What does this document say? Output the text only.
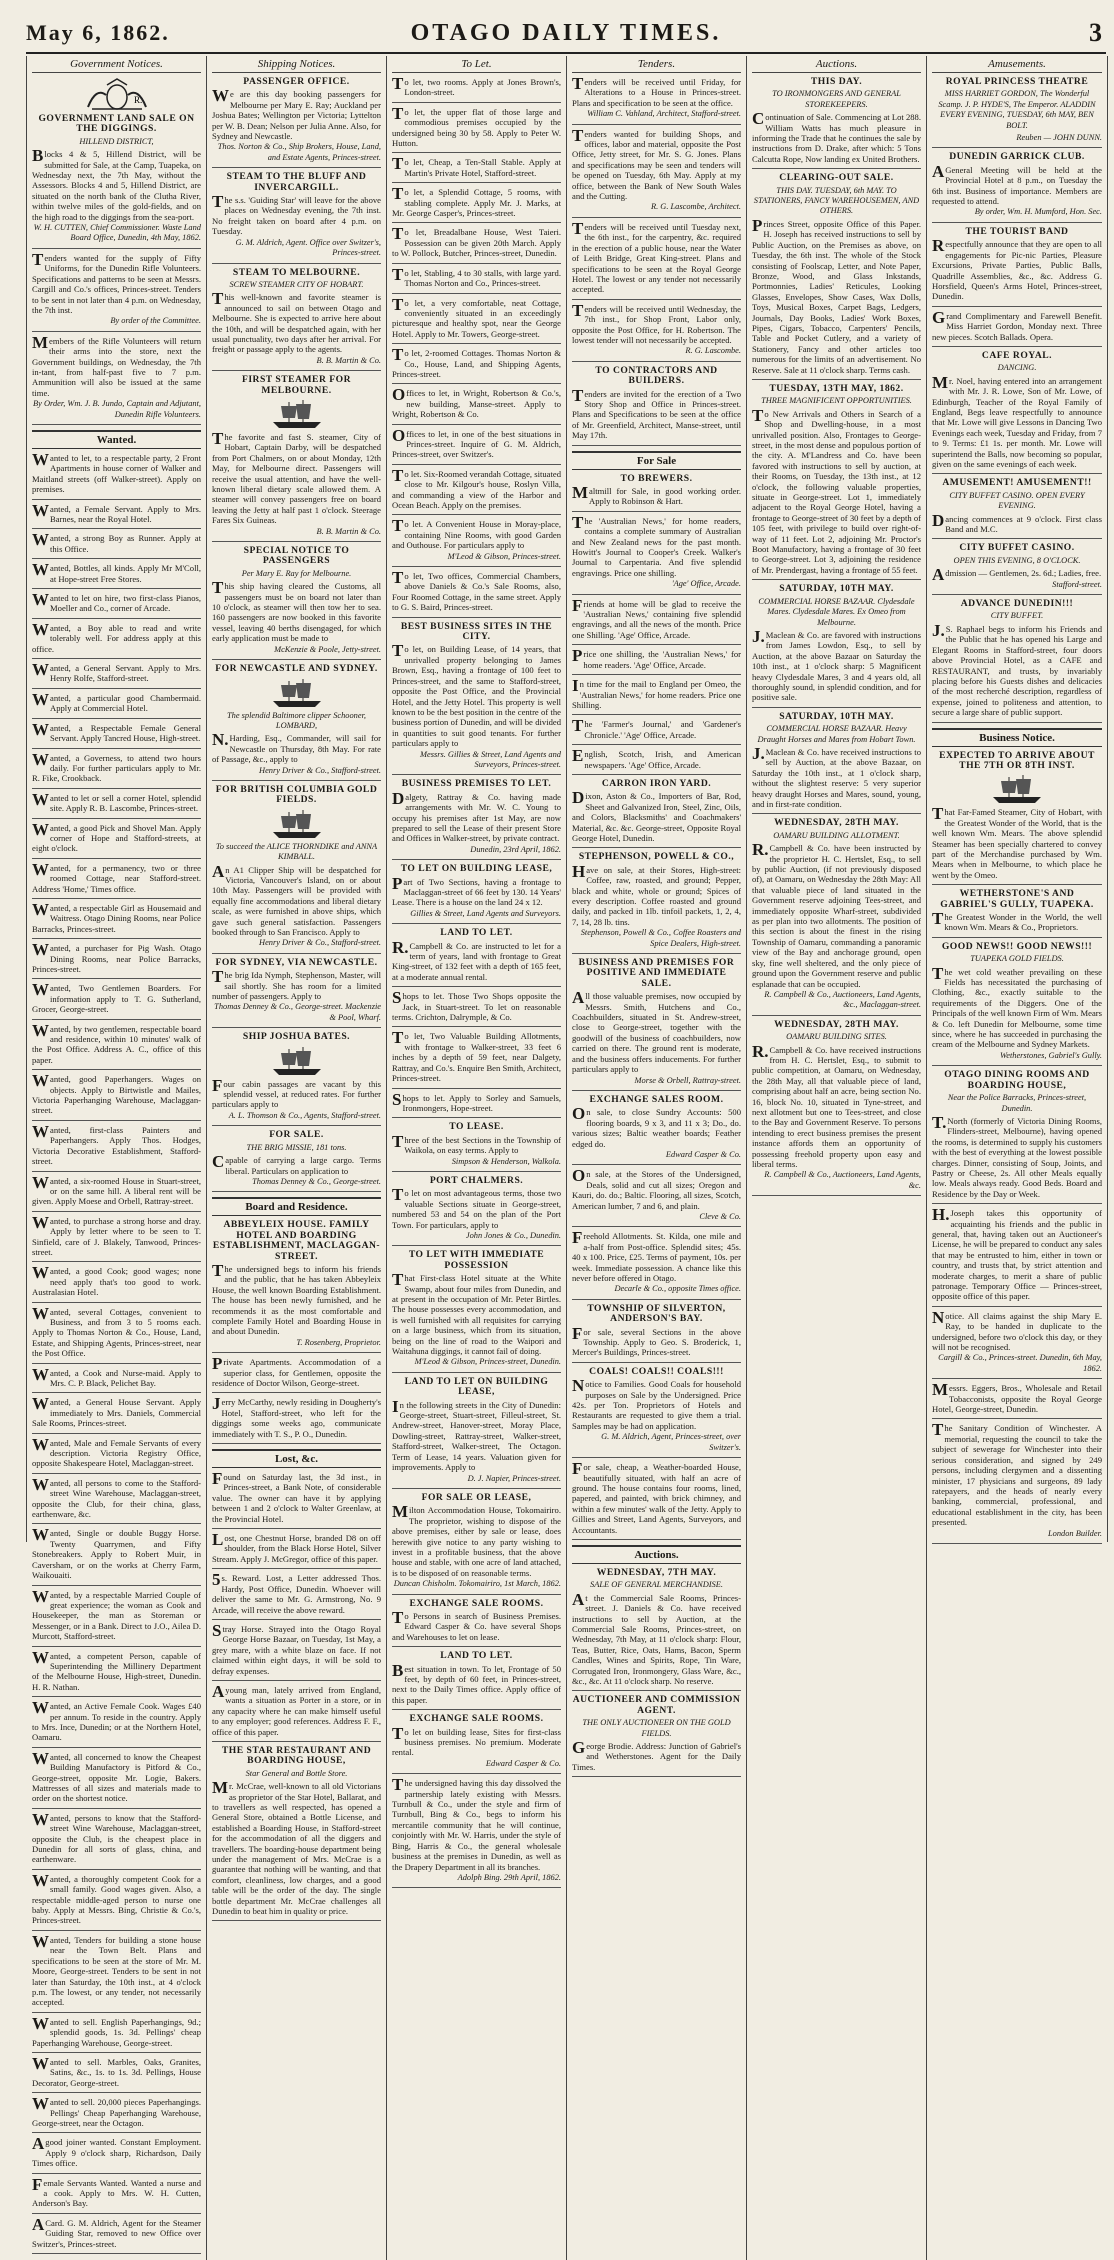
May 6, 1862.	OTAGO DAILY TIMES.	3
Government Notices.
R.
GOVERNMENT LAND SALE ON THE DIGGINGS.
HILLEND DISTRICT,
Blocks 4 & 5, Hillend District, will be submitted for Sale, at the Camp, Tuapeka, on Wednesday next, the 7th May, without the Assessors. Blocks 4 and 5, Hillend District, are situated on the north bank of the Clutha River, within twelve miles of the gold-fields, and on the high road to the diggings from the sea-port.
W. H. CUTTEN, Chief Commissioner. Waste Land Board Office, Dunedin, 4th May, 1862.
Tenders wanted for the supply of Fifty Uniforms, for the Dunedin Rifle Volunteers. Specifications and patterns to be seen at Messrs. Cargill and Co.'s offices, Princes-street. Tenders to be sent in not later than 4 p.m. on Wednesday, the 7th inst.
By order of the Committee.
Members of the Rifle Volunteers will return their arms into the store, next the Government buildings, on Wednesday, the 7th in-tant, from half-past five to 7 p.m. Ammunition will also be issued at the same time.
By Order, Wm. J. B. Jundo, Captain and Adjutant, Dunedin Rifle Volunteers.
Wanted.
Wanted to let, to a respectable party, 2 Front Apartments in house corner of Walker and Maitland streets (off Walker-street). Apply on premises.
Wanted, a Female Servant. Apply to Mrs. Barnes, near the Royal Hotel.
Wanted, a strong Boy as Runner. Apply at this Office.
Wanted, Bottles, all kinds. Apply Mr M'Coll, at Hope-street Free Stores.
Wanted to let on hire, two first-class Pianos, Moeller and Co., corner of Arcade.
Wanted, a Boy able to read and write tolerably well. For address apply at this office.
Wanted, a General Servant. Apply to Mrs. Henry Rolfe, Stafford-street.
Wanted, a particular good Chambermaid. Apply at Commercial Hotel.
Wanted, a Respectable Female General Servant. Apply Tancred House, High-street.
Wanted, a Governess, to attend two hours daily. For further particulars apply to Mr. R. Fike, Crookback.
Wanted to let or sell a corner Hotel, splendid site. Apply R. B. Lascombe, Princes-street.
Wanted, a good Pick and Shovel Man. Apply corner of Hope and Stafford-streets, at eight o'clock.
Wanted, for a permanency, two or three roomed Cottage, near Stafford-street. Address 'Home,' Times office.
Wanted, a respectable Girl as Housemaid and Waitress. Otago Dining Rooms, near Police Barracks, Princes-street.
Wanted, a purchaser for Pig Wash. Otago Dining Rooms, near Police Barracks, Princes-street.
Wanted, Two Gentlemen Boarders. For information apply to T. G. Sutherland, Grocer, George-street.
Wanted, by two gentlemen, respectable board and residence, within 10 minutes' walk of the Post Office. Address A. C., office of this paper.
Wanted, good Paperhangers. Wages on objects. Apply to Birtwistle and Mailes, Victoria Paperhanging Warehouse, Maclaggan-street.
Wanted, first-class Painters and Paperhangers. Apply Thos. Hodges, Victoria Decorative Establishment, Stafford-street.
Wanted, a six-roomed House in Stuart-street, or on the same hill. A liberal rent will be given. Apply Moese and Orbell, Rattray-street.
Wanted, to purchase a strong horse and dray. Apply by letter where to be seen to T. Sinfield, care of J. Blakely, Tanwood, Princes-street.
Wanted, a good Cook; good wages; none need apply that's too good to work. Australasian Hotel.
Wanted, several Cottages, convenient to Business, and from 3 to 5 rooms each. Apply to Thomas Norton & Co., House, Land, Estate, and Shipping Agents, Princes-street, near the Post Office.
Wanted, a Cook and Nurse-maid. Apply to Mrs. C. P. Black, Pelichet Bay.
Wanted, a General House Servant. Apply immediately to Mrs. Daniels, Commercial Sale Rooms, Princes-street.
Wanted, Male and Female Servants of every description. Victoria Registry Office, opposite Shakespeare Hotel, Maclaggan-street.
Wanted, all persons to come to the Stafford-street Wine Warehouse, Maclaggan-street, opposite the Club, for their china, glass, earthenware, &c.
Wanted, Single or double Buggy Horse. Twenty Quarrymen, and Fifty Stonebreakers. Apply to Robert Muir, in Caversham, or on the works at Cherry Farm, Waikouaiti.
Wanted, by a respectable Married Couple of great experience; the woman as Cook and Housekeeper, the man as Storeman or Messenger, or in a Bank. Direct to J.O., Ailea D. Murcott, Stafford-street.
Wanted, a competent Person, capable of Superintending the Millinery Department of the Melbourne House, High-street, Dunedin. H. R. Nathan.
Wanted, an Active Female Cook. Wages £40 per annum. To reside in the country. Apply to Mrs. Ince, Dunedin; or at the Northern Hotel, Oamaru.
Wanted, all concerned to know the Cheapest Building Manufactory is Pitford & Co., George-street, opposite Mr. Logie, Bakers. Mattresses of all sizes and materials made to order on the shortest notice.
Wanted, persons to know that the Stafford-street Wine Warehouse, Maclaggan-street, opposite the Club, is the cheapest place in Dunedin for all sorts of glass, china, and earthenware.
Wanted, a thoroughly competent Cook for a small family. Good wages given. Also, a respectable middle-aged person to nurse one baby. Apply at Messrs. Bing, Christie & Co.'s, Princes-street.
Wanted, Tenders for building a stone house near the Town Belt. Plans and specifications to be seen at the store of Mr. M. Moore, George-street. Tenders to be sent in not later than Saturday, the 10th inst., at 4 o'clock p.m. The lowest, or any tender, not necessarily accepted.
Wanted to sell. English Paperhangings, 9d.; splendid goods, 1s. 3d. Pellings' cheap Paperhanging Warehouse, George-street.
Wanted to sell. Marbles, Oaks, Granites, Satins, &c., 1s. to 1s. 3d. Pellings, House Decorator, George-street.
Wanted to sell. 20,000 pieces Paperhangings. Pellings' Cheap Paperhanging Warehouse, George-street, near the Octagon.
Agood joiner wanted. Constant Employment. Apply 9 o'clock sharp, Richardson, Daily Times office.
Female Servants Wanted. Wanted a nurse and a cook. Apply to Mrs. W. H. Cutten, Anderson's Bay.
ACard. G. M. Aldrich, Agent for the Steamer Guiding Star, removed to new Office over Switzer's, Princes-street.
Shipping Notices.
PASSENGER OFFICE.
We are this day booking passengers for Melbourne per Mary E. Ray; Auckland per Joshua Bates; Wellington per Victoria; Lyttelton per W. B. Dean; Nelson per Julia Anne. Also, for Sydney and Newcastle.
Thos. Norton & Co., Ship Brokers, House, Land, and Estate Agents, Princes-street.
STEAM TO THE BLUFF AND INVERCARGILL.
The s.s. 'Guiding Star' will leave for the above places on Wednesday evening, the 7th inst. No freight taken on board after 4 p.m. on Tuesday.
G. M. Aldrich, Agent. Office over Switzer's, Princes-street.
STEAM TO MELBOURNE.
SCREW STEAMER CITY OF HOBART.
This well-known and favorite steamer is announced to sail on between Otago and Melbourne. She is expected to arrive here about the 10th, and will be despatched again, with her usual punctuality, two days after her arrival. For freight or passage apply to the agents.
B. B. Martin & Co.
FIRST STEAMER FOR MELBOURNE.
The favorite and fast S. steamer, City of Hobart, Captain Darby, will be despatched from Port Chalmers, on or about Monday, 12th May, for Melbourne direct. Passengers will receive the usual attention, and have the well-known liberal dietary scale allowed them. A steamer will convey passengers free on board leaving the Jetty at half past 1 o'clock. Steerage Fares Six Guineas.
B. B. Martin & Co.
SPECIAL NOTICE TO PASSENGERS
Per Mary E. Ray for Melbourne.
This ship having cleared the Customs, all passengers must be on board not later than 10 o'clock, as steamer will then tow her to sea. 160 passengers are now booked in this favorite vessel, leaving 40 berths disengaged, for which early application must be made to
McKenzie & Poole, Jetty-street.
FOR NEWCASTLE AND SYDNEY.
The splendid Baltimore clipper Schooner, LOMBARD,
N.Harding, Esq., Commander, will sail for Newcastle on Thursday, 8th May. For rate of Passage, &c., apply to
Henry Driver & Co., Stafford-street.
FOR BRITISH COLUMBIA GOLD FIELDS.
To succeed the ALICE THORNDIKE and ANNA KIMBALL.
An A1 Clipper Ship will be despatched for Victoria, Vancouver's Island, on or about 10th May. Passengers will be provided with equally fine accommodations and liberal dietary scale, as were furnished in above ships, which gave such general satisfaction. Passengers booked through to San Francisco. Apply to
Henry Driver & Co., Stafford-street.
FOR SYDNEY, VIA NEWCASTLE.
The brig Ida Nymph, Stephenson, Master, will sail shortly. She has room for a limited number of passengers. Apply to
Thomas Denney & Co., George-street. Mackenzie & Pool, Wharf.
SHIP JOSHUA BATES.
Four cabin passages are vacant by this splendid vessel, at reduced rates. For further particulars apply to
A. L. Thomson & Co., Agents, Stafford-street.
FOR SALE.
THE BRIG MISSIE, 181 tons.
Capable of carrying a large cargo. Terms liberal. Particulars on application to
Thomas Denney & Co., George-street.
Board and Residence.
ABBEYLEIX HOUSE. FAMILY HOTEL AND BOARDING ESTABLISHMENT, MACLAGGAN-STREET.
The undersigned begs to inform his friends and the public, that he has taken Abbeyleix House, the well known Boarding Establishment. The house has been newly furnished, and he recommends it as the most comfortable and complete Family Hotel and Boarding House in and about Dunedin.
T. Rosenberg, Proprietor.
Private Apartments. Accommodation of a superior class, for Gentlemen, opposite the residence of Doctor Wilson, George-street.
Jerry McCarthy, newly residing in Dougherty's Hotel, Stafford-street, who left for the diggings some weeks ago, communicate immediately with T. S., P. O., Dunedin.
Lost, &c.
Found on Saturday last, the 3d inst., in Princes-street, a Bank Note, of considerable value. The owner can have it by applying between 1 and 2 o'clock to Walter Greenlaw, at the Provincial Hotel.
Lost, one Chestnut Horse, branded D8 on off shoulder, from the Black Horse Hotel, Silver Stream. Apply J. McGregor, office of this paper.
5s. Reward. Lost, a Letter addressed Thos. Hardy, Post Office, Dunedin. Whoever will deliver the same to Mr. G. Armstrong, No. 9 Arcade, will receive the above reward.
Stray Horse. Strayed into the Otago Royal George Horse Bazaar, on Tuesday, 1st May, a grey mare, with a white blaze on face. If not claimed within eight days, it will be sold to defray expenses.
Ayoung man, lately arrived from England, wants a situation as Porter in a store, or in any capacity where he can make himself useful to any employer; good references. Address F. F., office of this paper.
THE STAR RESTAURANT AND BOARDING HOUSE,
Star General and Bottle Store.
Mr. McCrae, well-known to all old Victorians as proprietor of the Star Hotel, Ballarat, and to travellers as well respected, has opened a General Store, obtained a Bottle License, and established a Boarding House, in Stafford-street for the accommodation of all the diggers and travellers. The boarding-house department being under the management of Mrs. McCrae is a guarantee that nothing will be wanting, and that comfort, cleanliness, low charges, and a good table will be the order of the day. The single bottle department Mr. McCrae challenges all Dunedin to beat him in quality or price.
To Let.
To let, two rooms. Apply at Jones Brown's, London-street.
To let, the upper flat of those large and commodious premises occupied by the undersigned being 30 by 58. Apply to Peter W. Hutton.
To let, Cheap, a Ten-Stall Stable. Apply at Martin's Private Hotel, Stafford-street.
To let, a Splendid Cottage, 5 rooms, with stabling complete. Apply Mr. J. Marks, at Mr. George Casper's, Princes-street.
To let, Breadalbane House, West Taieri. Possession can be given 20th March. Apply to W. Pollock, Butcher, Princes-street, Dunedin.
To let, Stabling, 4 to 30 stalls, with large yard. Thomas Norton and Co., Princes-street.
To let, a very comfortable, neat Cottage, conveniently situated in an exceedingly picturesque and healthy spot, near the George Hotel. Apply to Mr. Towers, George-street.
To let, 2-roomed Cottages. Thomas Norton & Co., House, Land, and Shipping Agents, Princes-street.
Offices to let, in Wright, Robertson & Co.'s, new building, Manse-street. Apply to Wright, Robertson & Co.
Offices to let, in one of the best situations in Princes-street. Inquire of G. M. Aldrich, Princes-street, over Switzer's.
To let. Six-Roomed verandah Cottage, situated close to Mr. Kilgour's house, Roslyn Villa, and commanding a view of the Harbor and Ocean Beach. Apply on the premises.
To let. A Convenient House in Moray-place, containing Nine Rooms, with good Garden and Outhouse. For particulars apply to
M'Leod & Gibson, Princes-street.
To let, Two offices, Commercial Chambers, above Daniels & Co.'s Sale Rooms, also, Four Roomed Cottage, in the same street. Apply to G. S. Baird, Princes-street.
BEST BUSINESS SITES IN THE CITY.
To let, on Building Lease, of 14 years, that unrivalled property belonging to James Brown, Esq., having a frontage of 100 feet to Princes-street, and the same to Stafford-street, opposite the Post Office, and the Provincial Hotel, and the Jetty Hotel. This property is well known to be the best position in the centre of the business portion of Dunedin, and will be divided in quantities to suit good tenants. For further particulars apply to
Messrs. Gillies & Street, Land Agents and Surveyors, Princes-street.
BUSINESS PREMISES TO LET.
Dalgety, Rattray & Co. having made arrangements with Mr. W. C. Young to occupy his premises after 1st May, are now prepared to sell the Lease of their present Store and Offices in Walker-street, by private contract.
Dunedin, 23rd April, 1862.
TO LET ON BUILDING LEASE,
Part of Two Sections, having a frontage to Maclaggan-street of 66 feet by 130. 14 Years' Lease. There is a house on the land 24 x 12.
Gillies & Street, Land Agents and Surveyors.
LAND TO LET.
R.Campbell & Co. are instructed to let for a term of years, land with frontage to Great King-street, of 132 feet with a depth of 165 feet, at a moderate annual rental.
Shops to let. Those Two Shops opposite the Jack, in Stuart-street. To let on reasonable terms. Crichton, Dalrymple, & Co.
To let, Two Valuable Building Allotments, with frontage to Walker-street, 33 feet 6 inches by a depth of 59 feet, near Dalgety, Rattray, and Co.'s. Enquire Ben Smith, Architect, Princes-street.
Shops to let. Apply to Sorley and Samuels, Ironmongers, Hope-street.
TO LEASE.
Three of the best Sections in the Township of Waikola, on easy terms. Apply to
Simpson & Henderson, Walkola.
PORT CHALMERS.
To let on most advantageous terms, those two valuable Sections situate in George-street, numbered 53 and 54 on the plan of the Port Town. For particulars, apply to
John Jones & Co., Dunedin.
TO LET WITH IMMEDIATE POSSESSION
That First-class Hotel situate at the White Swamp, about four miles from Dunedin, and at present in the occupation of Mr. Peter Birtles. The house possesses every accommodation, and is well furnished with all requisites for carrying on a large business, which from its situation, being on the line of road to the Waipori and Waitahuna diggings, it cannot fail of doing.
M'Leod & Gibson, Princes-street, Dunedin.
LAND TO LET ON BUILDING LEASE,
In the following streets in the City of Dunedin: George-street, Stuart-street, Filleul-street, St. Andrew-street, Hanover-street, Moray Place, Dowling-street, Rattray-street, Walker-street, Stafford-street, Walker-street, The Octagon. Term of Lease, 14 years. Valuation given for improvements. Apply to
D. J. Napier, Princes-street.
FOR SALE OR LEASE,
Milton Accommodation House, Tokomairiro. The proprietor, wishing to dispose of the above premises, either by sale or lease, does herewith give notice to any party wishing to invest in a profitable business, that the above house and stable, with one acre of land attached, is to be disposed of on reasonable terms.
Duncan Chisholm. Tokomairiro, 1st March, 1862.
EXCHANGE SALE ROOMS.
To Persons in search of Business Premises. Edward Casper & Co. have several Shops and Warehouses to let on lease.
LAND TO LET.
Best situation in town. To let, Frontage of 50 feet, by depth of 60 feet, in Princes-street, next to the Daily Times office. Apply office of this paper.
EXCHANGE SALE ROOMS.
To let on building lease, Sites for first-class business premises. No premium. Moderate rental.
Edward Casper & Co.
The undersigned having this day dissolved the partnership lately existing with Messrs. Turnbull & Co., under the style and firm of Turnbull, Bing & Co., begs to inform his mercantile community that he will continue, conjointly with Mr. W. Harris, under the style of Bing, Harris & Co., the general wholesale business at the premises in Dunedin, as well as the Drapery Department in all its branches.
Adolph Bing. 29th April, 1862.
Tenders.
Tenders will be received until Friday, for Alterations to a House in Princes-street. Plans and specification to be seen at the office.
William C. Vahland, Architect, Stafford-street.
Tenders wanted for building Shops, and offices, labor and material, opposite the Post Office, Jetty street, for Mr. S. G. Jones. Plans and specifications may be seen and tenders will be opened on Tuesday, 6th May. Apply at my office, between the Bank of New South Wales and the Cutting.
R. G. Lascombe, Architect.
Tenders will be received until Tuesday next, the 6th inst., for the carpentry, &c. required in the erection of a public house, near the Water of Leith Bridge, Great King-street. Plans and specifications to be seen at the Royal George Hotel. The lowest or any tender not necessarily accepted.
Tenders will be received until Wednesday, the 7th inst., for Shop Front, Labor only, opposite the Post Office, for H. Robertson. The lowest tender will not necessarily be accepted.
R. G. Lascombe.
TO CONTRACTORS AND BUILDERS.
Tenders are invited for the erection of a Two Story Shop and Office in Princes-street. Plans and Specifications to be seen at the office of Mr. Greenfield, Architect, Manse-street, until May 17th.
For Sale
TO BREWERS.
Maltmill for Sale, in good working order. Apply to Robinson & Hart.
The 'Australian News,' for home readers, contains a complete summary of Australian and New Zealand news for the past month. Howitt's Journal to Cooper's Creek. Walker's Journal to Carpentaria. And five splendid engravings. Price one shilling.
'Age' Office, Arcade.
Friends at home will be glad to receive the 'Australian News,' containing five splendid engravings, and all the news of the month. Price one Shilling. 'Age' Office, Arcade.
Price one shilling, the 'Australian News,' for home readers. 'Age' Office, Arcade.
In time for the mail to England per Omeo, the 'Australian News,' for home readers. Price one Shilling.
The 'Farmer's Journal,' and 'Gardener's Chronicle.' 'Age' Office, Arcade.
English, Scotch, Irish, and American newspapers. 'Age' Office, Arcade.
CARRON IRON YARD.
Dixon, Aston & Co., Importers of Bar, Rod, Sheet and Galvanized Iron, Steel, Zinc, Oils, and Colors, Blacksmiths' and Coachmakers' Material, &c. &c. George-street, Opposite Royal George Hotel, Dunedin.
STEPHENSON, POWELL & CO.,
Have on sale, at their Stores, High-street: Coffee, raw, roasted, and ground; Pepper, black and white, whole or ground; Spices of every description. Coffee roasted and ground daily, and packed in 1lb. tinfoil packets, 1, 2, 4, 7, 14, 28 lb. tins.
Stephenson, Powell & Co., Coffee Roasters and Spice Dealers, High-street.
BUSINESS AND PREMISES FOR POSITIVE AND IMMEDIATE SALE.
All those valuable premises, now occupied by Messrs. Smith, Hutchens and Co., Coachbuilders, situated in St. Andrew-street, close to George-street, together with the goodwill of the business of coachbuilders, now carried on there. The ground rent is moderate, and the business offers inducements. For further particulars apply to
Morse & Orbell, Rattray-street.
EXCHANGE SALES ROOM.
On sale, to close Sundry Accounts: 500 flooring boards, 9 x 3, and 11 x 3; Do., do. various sizes; Baltic weather boards; Feather edged do.
Edward Casper & Co.
On sale, at the Stores of the Undersigned, Deals, solid and cut all sizes; Oregon and Kauri, do. do.; Baltic. Flooring, all sizes, Scotch, American lumber, 7 and 6, and plain.
Cleve & Co.
Freehold Allotments. St. Kilda, one mile and a-half from Post-office. Splendid sites; 45s. 40 x 100. Price, £25. Terms of payment, 10s. per week. Immediate possession. A chance like this never before offered in Otago.
Decarle & Co., opposite Times office.
TOWNSHIP OF SILVERTON, ANDERSON'S BAY.
For sale, several Sections in the above Township. Apply to Geo. S. Broderick, 1, Mercer's Buildings, Princes-street.
COALS! COALS!! COALS!!!
Notice to Families. Good Coals for household purposes on Sale by the Undersigned. Price 42s. per Ton. Proprietors of Hotels and Restaurants are requested to give them a trial. Samples may be had on application.
G. M. Aldrich, Agent, Princes-street, over Switzer's.
For sale, cheap, a Weather-boarded House, beautifully situated, with half an acre of ground. The house contains four rooms, lined, papered, and painted, with brick chimney, and within a few minutes' walk of the Jetty. Apply to Gillies and Street, Land Agents, Surveyors, and Accountants.
Auctions.
WEDNESDAY, 7TH MAY.
SALE OF GENERAL MERCHANDISE.
At the Commercial Sale Rooms, Princes-street. J. Daniels & Co. have received instructions to sell by Auction, at the Commercial Sale Rooms, Princes-street, on Wednesday, 7th May, at 11 o'clock sharp: Flour, Teas, Butter, Rice, Oats, Hams, Bacon, Sperm Candles, Wines and Spirits, Rope, Tin Ware, Corrugated Iron, Ironmongery, Glass Ware, &c., &c., &c. At 11 o'clock sharp. No reserve.
AUCTIONEER AND COMMISSION AGENT.
THE ONLY AUCTIONEER ON THE GOLD FIELDS.
George Brodie. Address: Junction of Gabriel's and Wetherstones. Agent for the Daily Times.
Auctions.
THIS DAY.
TO IRONMONGERS AND GENERAL STOREKEEPERS.
Continuation of Sale. Commencing at Lot 288. William Watts has much pleasure in informing the Trade that he continues the sale by instructions from D. Drake, after which: 5 Tons Calcutta Rope, Now landing ex United Brothers.
CLEARING-OUT SALE.
THIS DAY. TUESDAY, 6th MAY. TO STATIONERS, FANCY WAREHOUSEMEN, AND OTHERS.
Princes Street, opposite Office of this Paper. H. Joseph has received instructions to sell by Public Auction, on the Premises as above, on Tuesday, the 6th inst. The whole of the Stock consisting of Foolscap, Letter, and Note Paper, Bronze, Wood, and Glass Inkstands, Portmonnies, Ladies' Reticules, Looking Glasses, Envelopes, Show Cases, Wax Dolls, Toys, Musical Boxes, Carpet Bags, Ledgers, Journals, Day Books, Ladies' Work Boxes, Pipes, Cigars, Tobacco, Carpenters' Pencils, Table and Pocket Cutlery, and a variety of Stationery, Fancy and other articles too numerous for the limits of an advertisement. No Reserve. Sale at 11 o'clock sharp. Terms cash.
TUESDAY, 13TH MAY, 1862.
THREE MAGNIFICENT OPPORTUNITIES.
To New Arrivals and Others in Search of a Shop and Dwelling-house, in a most unrivalled position. Also, Frontages to George-street, in the most dense and populous portion of the city. A. M'Landress and Co. have been favored with instructions to sell by auction, at their Rooms, on Tuesday, the 13th inst., at 12 o'clock, the following valuable properties, situate in George-street. Lot 1, immediately adjacent to the Royal George Hotel, having a frontage to George-street of 30 feet by a depth of 105 feet, with privilege to build over right-of-way of 11 feet. Lot 2, adjoining Mr. Proctor's Boot Manufactory, having a frontage of 30 feet to George-street. Lot 3, adjoining the residence of Mr. Prendergast, having a frontage of 55 feet.
SATURDAY, 10TH MAY.
COMMERCIAL HORSE BAZAAR. Clydesdale Mares. Clydesdale Mares. Ex Omeo from Melbourne.
J.Maclean & Co. are favored with instructions from James Lowdon, Esq., to sell by Auction, at the above Bazaar on Saturday the 10th inst., at 1 o'clock sharp: 5 Magnificent heavy Clydesdale Mares, 3 and 4 years old, all thoroughly sound, in splendid condition, and for positive sale.
SATURDAY, 10TH MAY.
COMMERCIAL HORSE BAZAAR. Heavy Draught Horses and Mares from Hobart Town.
J.Maclean & Co. have received instructions to sell by Auction, at the above Bazaar, on Saturday the 10th inst., at 1 o'clock sharp, without the slightest reserve: 5 very superior heavy draught Horses and Mares, sound, young, and in first-rate condition.
WEDNESDAY, 28TH MAY.
OAMARU BUILDING ALLOTMENT.
R.Campbell & Co. have been instructed by the proprietor H. C. Hertslet, Esq., to sell by public Auction, (if not previously disposed of), at Oamaru, on Wednesday the 28th May: All that valuable piece of land situated in the Government reserve adjoining Tees-street, and immediately opposite Wharf-street, subdivided as per plan into two allotments. The position of this section is about the finest in the rising Township of Oamaru, commanding a panoramic view of the Bay and anchorage ground, open sky, fine well sheltered, and the only piece of ground upon the Government reserve and public esplanade that can be occupied.
R. Campbell & Co., Auctioneers, Land Agents, &c., Maclaggan-street.
WEDNESDAY, 28TH MAY.
OAMARU BUILDING SITES.
R.Campbell & Co. have received instructions from H. C. Hertslet, Esq., to submit to public competition, at Oamaru, on Wednesday, the 28th May, all that valuable piece of land, comprising about half an acre, being section No. 16, block No. 10, situated in Tyne-street, and next allotment but one to Tees-street, and close to the Bay and Government Reserve. To persons intending to erect business premises the present instance affords them an opportunity of possessing freehold property upon easy and liberal terms.
R. Campbell & Co., Auctioneers, Land Agents, &c.
Amusements.
ROYAL PRINCESS THEATRE
MISS HARRIET GORDON, The Wonderful Scamp. J. P. HYDE'S, The Emperor. ALADDIN EVERY EVENING, TUESDAY, 6th MAY, BEN BOLT.
Reuben — JOHN DUNN.
DUNEDIN GARRICK CLUB.
AGeneral Meeting will be held at the Provincial Hotel at 8 p.m., on Tuesday the 6th inst. Business of importance. Members are requested to attend.
By order, Wm. H. Mumford, Hon. Sec.
THE TOURIST BAND
Respectfully announce that they are open to all engagements for Pic-nic Parties, Pleasure Excursions, Private Parties, Public Balls, Quadrille Assemblies, &c., &c. Address G. Horsfield, Queen's Arms Hotel, Princes-street, Dunedin.
Grand Complimentary and Farewell Benefit. Miss Harriet Gordon, Monday next. Three new pieces. Scotch Ballads. Opera.
CAFE ROYAL.
DANCING.
Mr. Noel, having entered into an arrangement with Mr. J. R. Lowe, Son of Mr. Lowe, of Edinburgh, Teacher of the Royal Family of England, Begs leave respectfully to announce that Mr. Lowe will give Lessons in Dancing Two Evenings each week, Tuesday and Friday, from 7 to 9. Terms: £1 1s. per month. Mr. Lowe will superintend the Balls, now becoming so popular, given on the same evenings of each week.
AMUSEMENT! AMUSEMENT!!
CITY BUFFET CASINO. OPEN EVERY EVENING.
Dancing commences at 9 o'clock. First class Band and M.C.
CITY BUFFET CASINO.
OPEN THIS EVENING, 8 O'CLOCK.
Admission — Gentlemen, 2s. 6d.; Ladies, free.
Stafford-street.
ADVANCE DUNEDIN!!!
CITY BUFFET.
J.S. Raphael begs to inform his Friends and the Public that he has opened his Large and Elegant Rooms in Stafford-street, four doors above Provincial Hotel, as a CAFE and RESTAURANT, and trusts, by invariably placing before his Guests dishes and delicacies of the most recherché description, regardless of expense, joined to politeness and attention, to secure a large share of public support.
Business Notice.
EXPECTED TO ARRIVE ABOUT THE 7TH OR 8TH INST.
That Far-Famed Steamer, City of Hobart, with the Greatest Wonder of the World, that is the well known Wm. Mears. The above splendid Steamer has been specially chartered to convey part of the Merchandise purchased by Wm. Mears when in Melbourne, to which place he went by the Omeo.
WETHERSTONE'S AND GABRIEL'S GULLY, TUAPEKA.
The Greatest Wonder in the World, the well known Wm. Mears & Co., Proprietors.
GOOD NEWS!! GOOD NEWS!!!
TUAPEKA GOLD FIELDS.
The wet cold weather prevailing on these Fields has necessitated the purchasing of Clothing, &c., exactly suitable to the requirements of the Diggers. One of the Principals of the well known Firm of Wm. Mears & Co. left Dunedin for Melbourne, some time since, where he has succeeded in purchasing the cream of the Melbourne and Sydney Markets.
Wetherstones, Gabriel's Gully.
OTAGO DINING ROOMS AND BOARDING HOUSE,
Near the Police Barracks, Princes-street, Dunedin.
T.North (formerly of Victoria Dining Rooms, Flinders-street, Melbourne), having opened the rooms, is determined to supply his customers with the best of everything at the lowest possible charges. Dinner, consisting of Soup, Joints, and Pastry or Cheese, 2s. All other Meals equally low. Meals always ready. Good Beds. Board and Residence by the Day or Week.
H.Joseph takes this opportunity of acquainting his friends and the public in general, that, having taken out an Auctioneer's License, he will be prepared to conduct any sales that may be entrusted to him, either in town or country, and trusts that, by strict attention and moderate charges, to merit a share of public patronage. Temporary Office — Princes-street, opposite office of this paper.
Notice. All claims against the ship Mary E. Ray, to be handed in duplicate to the undersigned, before two o'clock this day, or they will not be recognised.
Cargill & Co., Princes-street. Dunedin, 6th May, 1862.
Messrs. Eggers, Bros., Wholesale and Retail Tobacconists, opposite the Royal George Hotel, George-street, Dunedin.
The Sanitary Condition of Winchester. A memorial, requesting the council to take the subject of sewerage for Winchester into their serious consideration, and signed by 249 persons, including clergymen and a dissenting minister, 17 physicians and surgeons, 89 lady ratepayers, and the heads of nearly every banking, commercial, professional, and educational establishment in the city, has been presented.
London Builder.
